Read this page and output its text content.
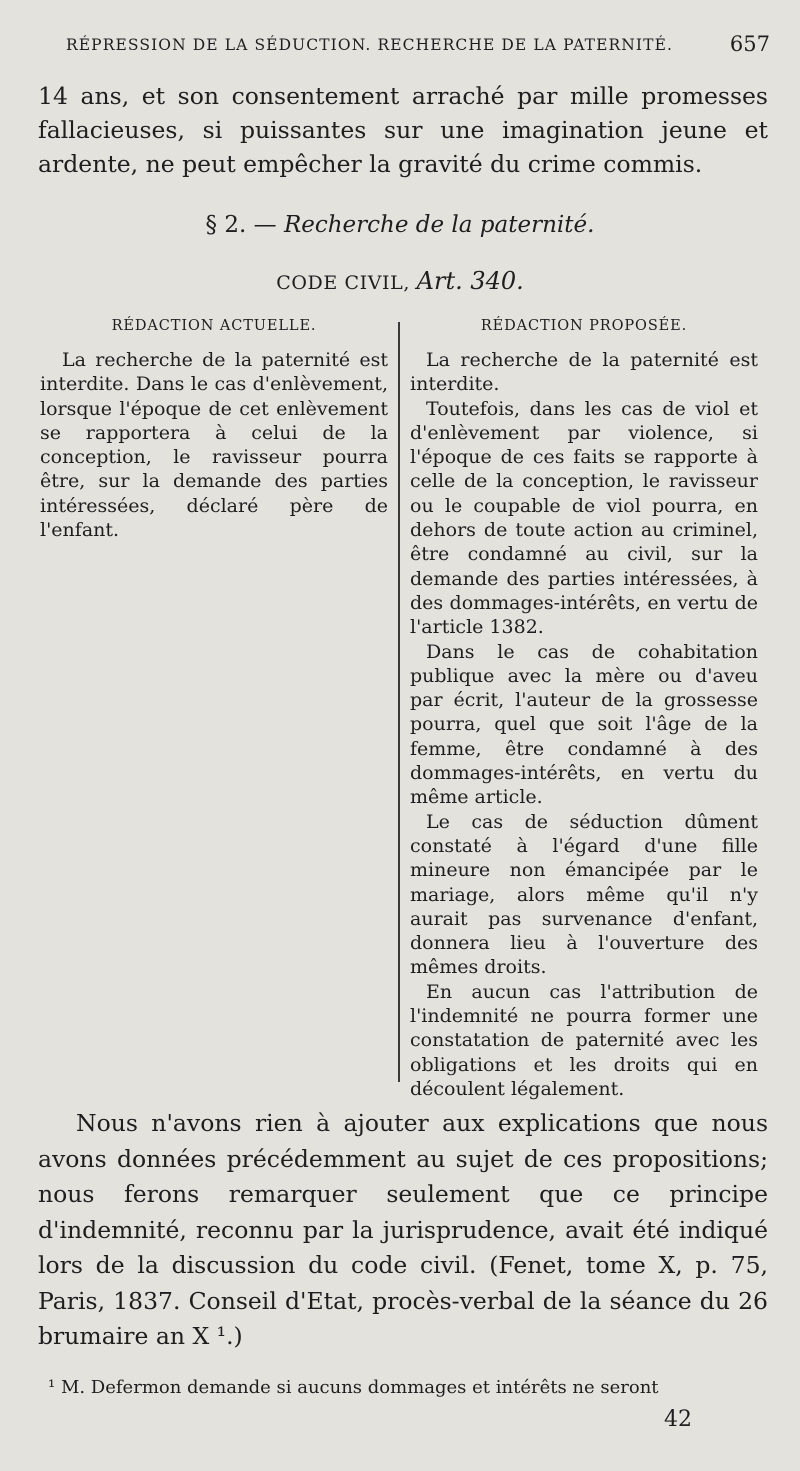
RÉPRESSION DE LA SÉDUCTION. RECHERCHE DE LA PATERNITÉ.	657

14 ans, et son consentement arraché par mille promesses fallacieuses, si puissantes sur une imagination jeune et ardente, ne peut empêcher la gravité du crime commis.

§ 2. — Recherche de la paternité.
CODE CIVIL, Art. 340.
RÉDACTION ACTUELLE.	RÉDACTION PROPOSÉE.

La recherche de la paternité est interdite. Dans le cas d'enlèvement, lorsque l'époque de cet enlèvement se rapportera à celui de la conception, le ravisseur pourra être, sur la demande des parties intéressées, déclaré père de l'enfant.

La recherche de la paternité est interdite.

Toutefois, dans les cas de viol et d'enlèvement par violence, si l'époque de ces faits se rapporte à celle de la conception, le ravisseur ou le coupable de viol pourra, en dehors de toute action au criminel, être condamné au civil, sur la demande des parties intéressées, à des dommages-intérêts, en vertu de l'article 1382.

Dans le cas de cohabitation publique avec la mère ou d'aveu par écrit, l'auteur de la grossesse pourra, quel que soit l'âge de la femme, être condamné à des dommages-intérêts, en vertu du même article.

Le cas de séduction dûment constaté à l'égard d'une fille mineure non émancipée par le mariage, alors même qu'il n'y aurait pas survenance d'enfant, donnera lieu à l'ouverture des mêmes droits.

En aucun cas l'attribution de l'indemnité ne pourra former une constatation de paternité avec les obligations et les droits qui en découlent légalement.

Nous n'avons rien à ajouter aux explications que nous avons données précédemment au sujet de ces propositions; nous ferons remarquer seulement que ce principe d'indemnité, reconnu par la jurisprudence, avait été indiqué lors de la discussion du code civil. (Fenet, tome X, p. 75, Paris, 1837. Conseil d'Etat, procès-verbal de la séance du 26 brumaire an X ¹.)

¹ M. Defermon demande si aucuns dommages et intérêts ne seront
42
